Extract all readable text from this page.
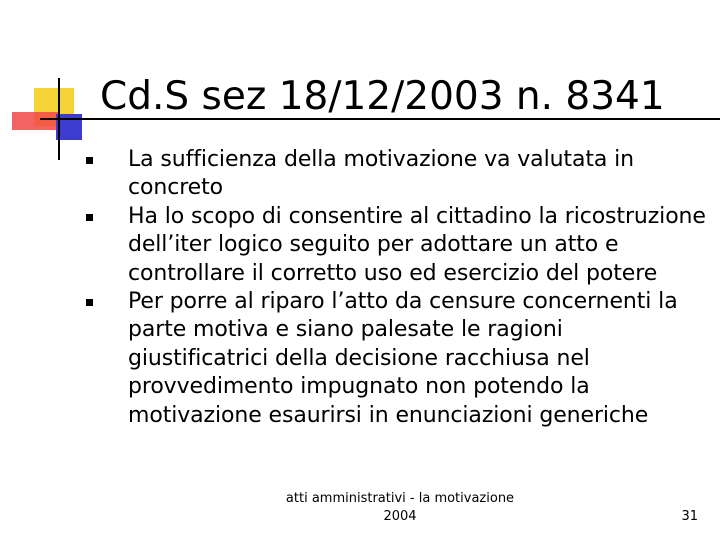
Cd.S sez 18/12/2003 n. 8341
La sufficienza della motivazione va valutata in concreto
Ha lo scopo di consentire al cittadino la ricostruzione dell’iter logico seguito per adottare un atto e controllare il corretto uso ed esercizio del potere
Per porre al riparo l’atto da censure concernenti la parte motiva e siano palesate le ragioni giustificatrici della decisione racchiusa nel provvedimento impugnato non potendo la motivazione esaurirsi in enunciazioni generiche
atti amministrativi - la motivazione
2004	31
